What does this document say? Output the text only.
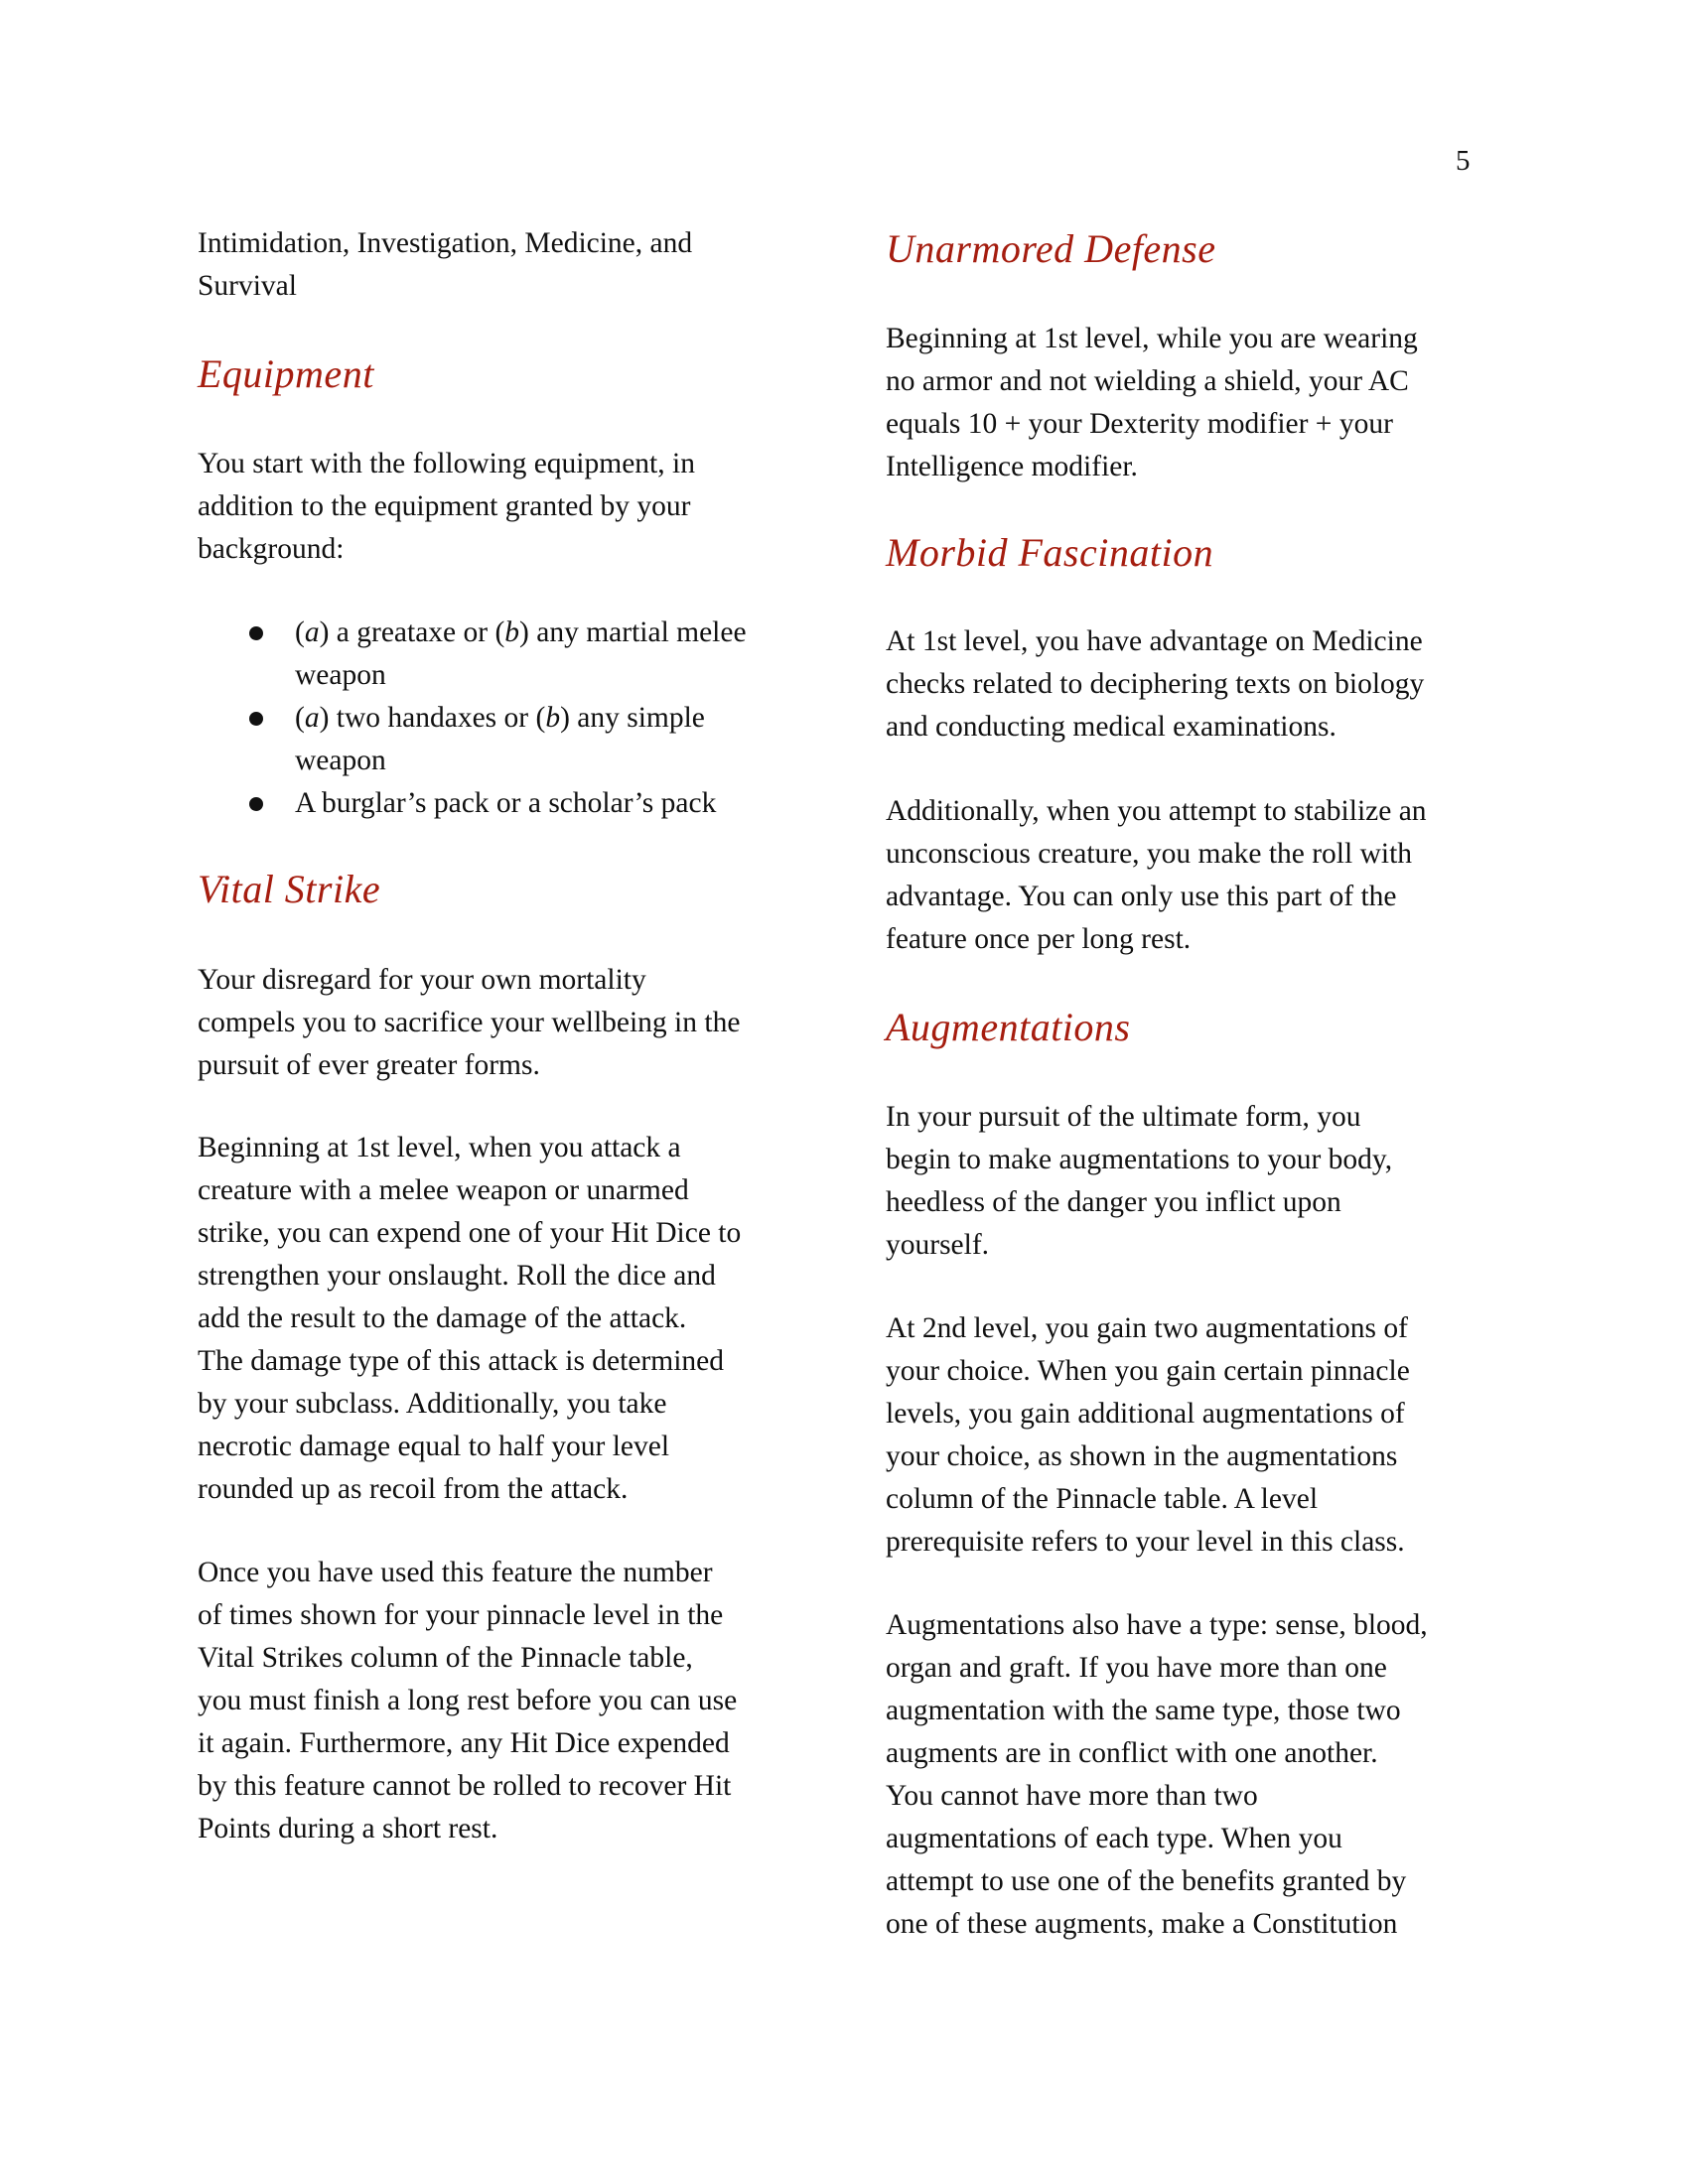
5
Intimidation, Investigation, Medicine, and
Survival
Equipment
You start with the following equipment, in
addition to the equipment granted by your
background:
(a) a greataxe or (b) any martial melee
weapon
(a) two handaxes or (b) any simple
weapon
A burglar’s pack or a scholar’s pack
Vital Strike
Your disregard for your own mortality
compels you to sacrifice your wellbeing in the
pursuit of ever greater forms.
Beginning at 1st level, when you attack a
creature with a melee weapon or unarmed
strike, you can expend one of your Hit Dice to
strengthen your onslaught. Roll the dice and
add the result to the damage of the attack.
The damage type of this attack is determined
by your subclass. Additionally, you take
necrotic damage equal to half your level
rounded up as recoil from the attack.
Once you have used this feature the number
of times shown for your pinnacle level in the
Vital Strikes column of the Pinnacle table,
you must finish a long rest before you can use
it again. Furthermore, any Hit Dice expended
by this feature cannot be rolled to recover Hit
Points during a short rest.
Unarmored Defense
Beginning at 1st level, while you are wearing
no armor and not wielding a shield, your AC
equals 10 + your Dexterity modifier + your
Intelligence modifier.
Morbid Fascination
At 1st level, you have advantage on Medicine
checks related to deciphering texts on biology
and conducting medical examinations.
Additionally, when you attempt to stabilize an
unconscious creature, you make the roll with
advantage. You can only use this part of the
feature once per long rest.
Augmentations
In your pursuit of the ultimate form, you
begin to make augmentations to your body,
heedless of the danger you inflict upon
yourself.
At 2nd level, you gain two augmentations of
your choice. When you gain certain pinnacle
levels, you gain additional augmentations of
your choice, as shown in the augmentations
column of the Pinnacle table. A level
prerequisite refers to your level in this class.
Augmentations also have a type: sense, blood,
organ and graft. If you have more than one
augmentation with the same type, those two
augments are in conflict with one another.
You cannot have more than two
augmentations of each type. When you
attempt to use one of the benefits granted by
one of these augments, make a Constitution
